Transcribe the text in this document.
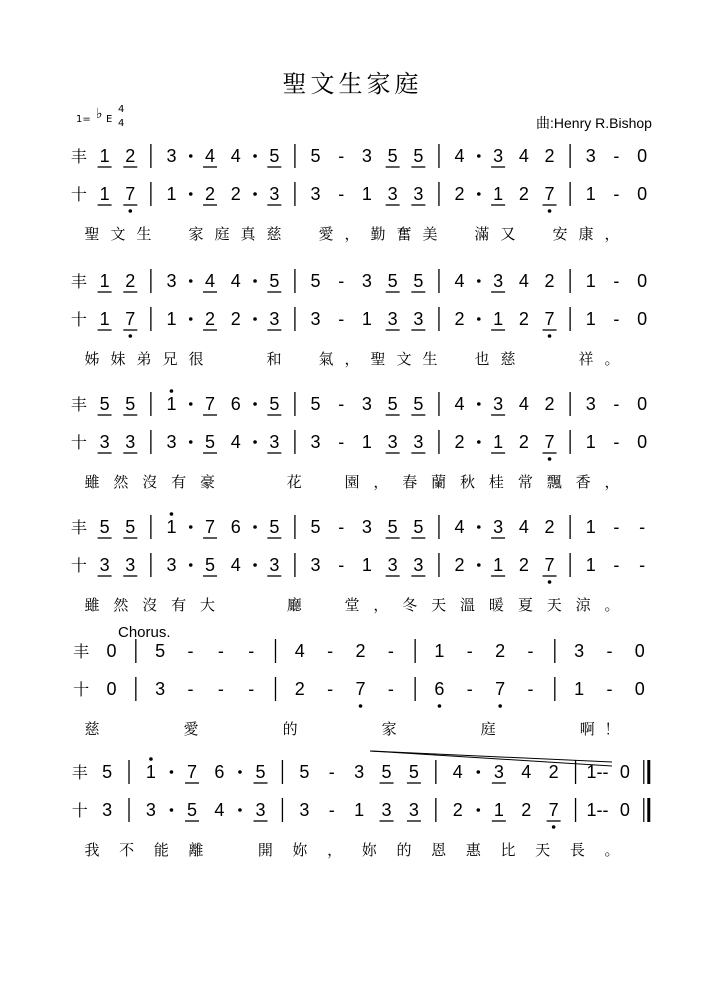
聖文生家庭
1= ♭ E
4
4	曲:Henry R.Bishop
Chorus.
丰 1 2 3 4 4 5 5 - 3 5 5 4 3 4 2 3 - 0
十 1 7 1 2 2 3 3 - 1 3 3 2 1 2 7 1 - 0
聖 文 生 家 庭 真 慈 愛 ， 勤 奮 美 滿 又 安 康 ，
丰 1 2 3 4 4 5 5 - 3 5 5 4 3 4 2 1 - 0
十 1 7 1 2 2 3 3 - 1 3 3 2 1 2 7 1 - 0
姊 妹 弟 兄 很	和 氣 ， 聖 文 生 也 慈	祥 。
丰 5 5 1 7 6 5 5 - 3 5 5 4 3 4 2 3 - 0
十 3 3 3 5 4 3 3 - 1 3 3 2 1 2 7 1 - 0
雖 然 沒 有 豪	花	園 ， 春 蘭 秋 桂 常 飄 香 ，
丰 5 5 1 7 6 5 5 - 3 5 5 4 3 4 2 1 - -
十 3 3 3 5 4 3 3 - 1 3 3 2 1 2 7 1 - -
雖 然 沒 有 大	廳	堂 ， 冬 天 溫 暖 夏 天 涼 。
丰 0 5 - - - 4 - 2 - 1 - 2 - 3 - 0
十 0 3 - - - 2 - 7 - 6 - 7 - 1 - 0
慈	愛	的	家	庭	啊 ！
丰 5 1 7 6 5 5 - 3 5 5 4 3 4 2 1-- 0
十 3 3 5 4 3 3 - 1 3 3 2 1 2 7 1-- 0
我 不 能 離	開 妳 ， 妳 的 恩 惠 比 天 長 。
